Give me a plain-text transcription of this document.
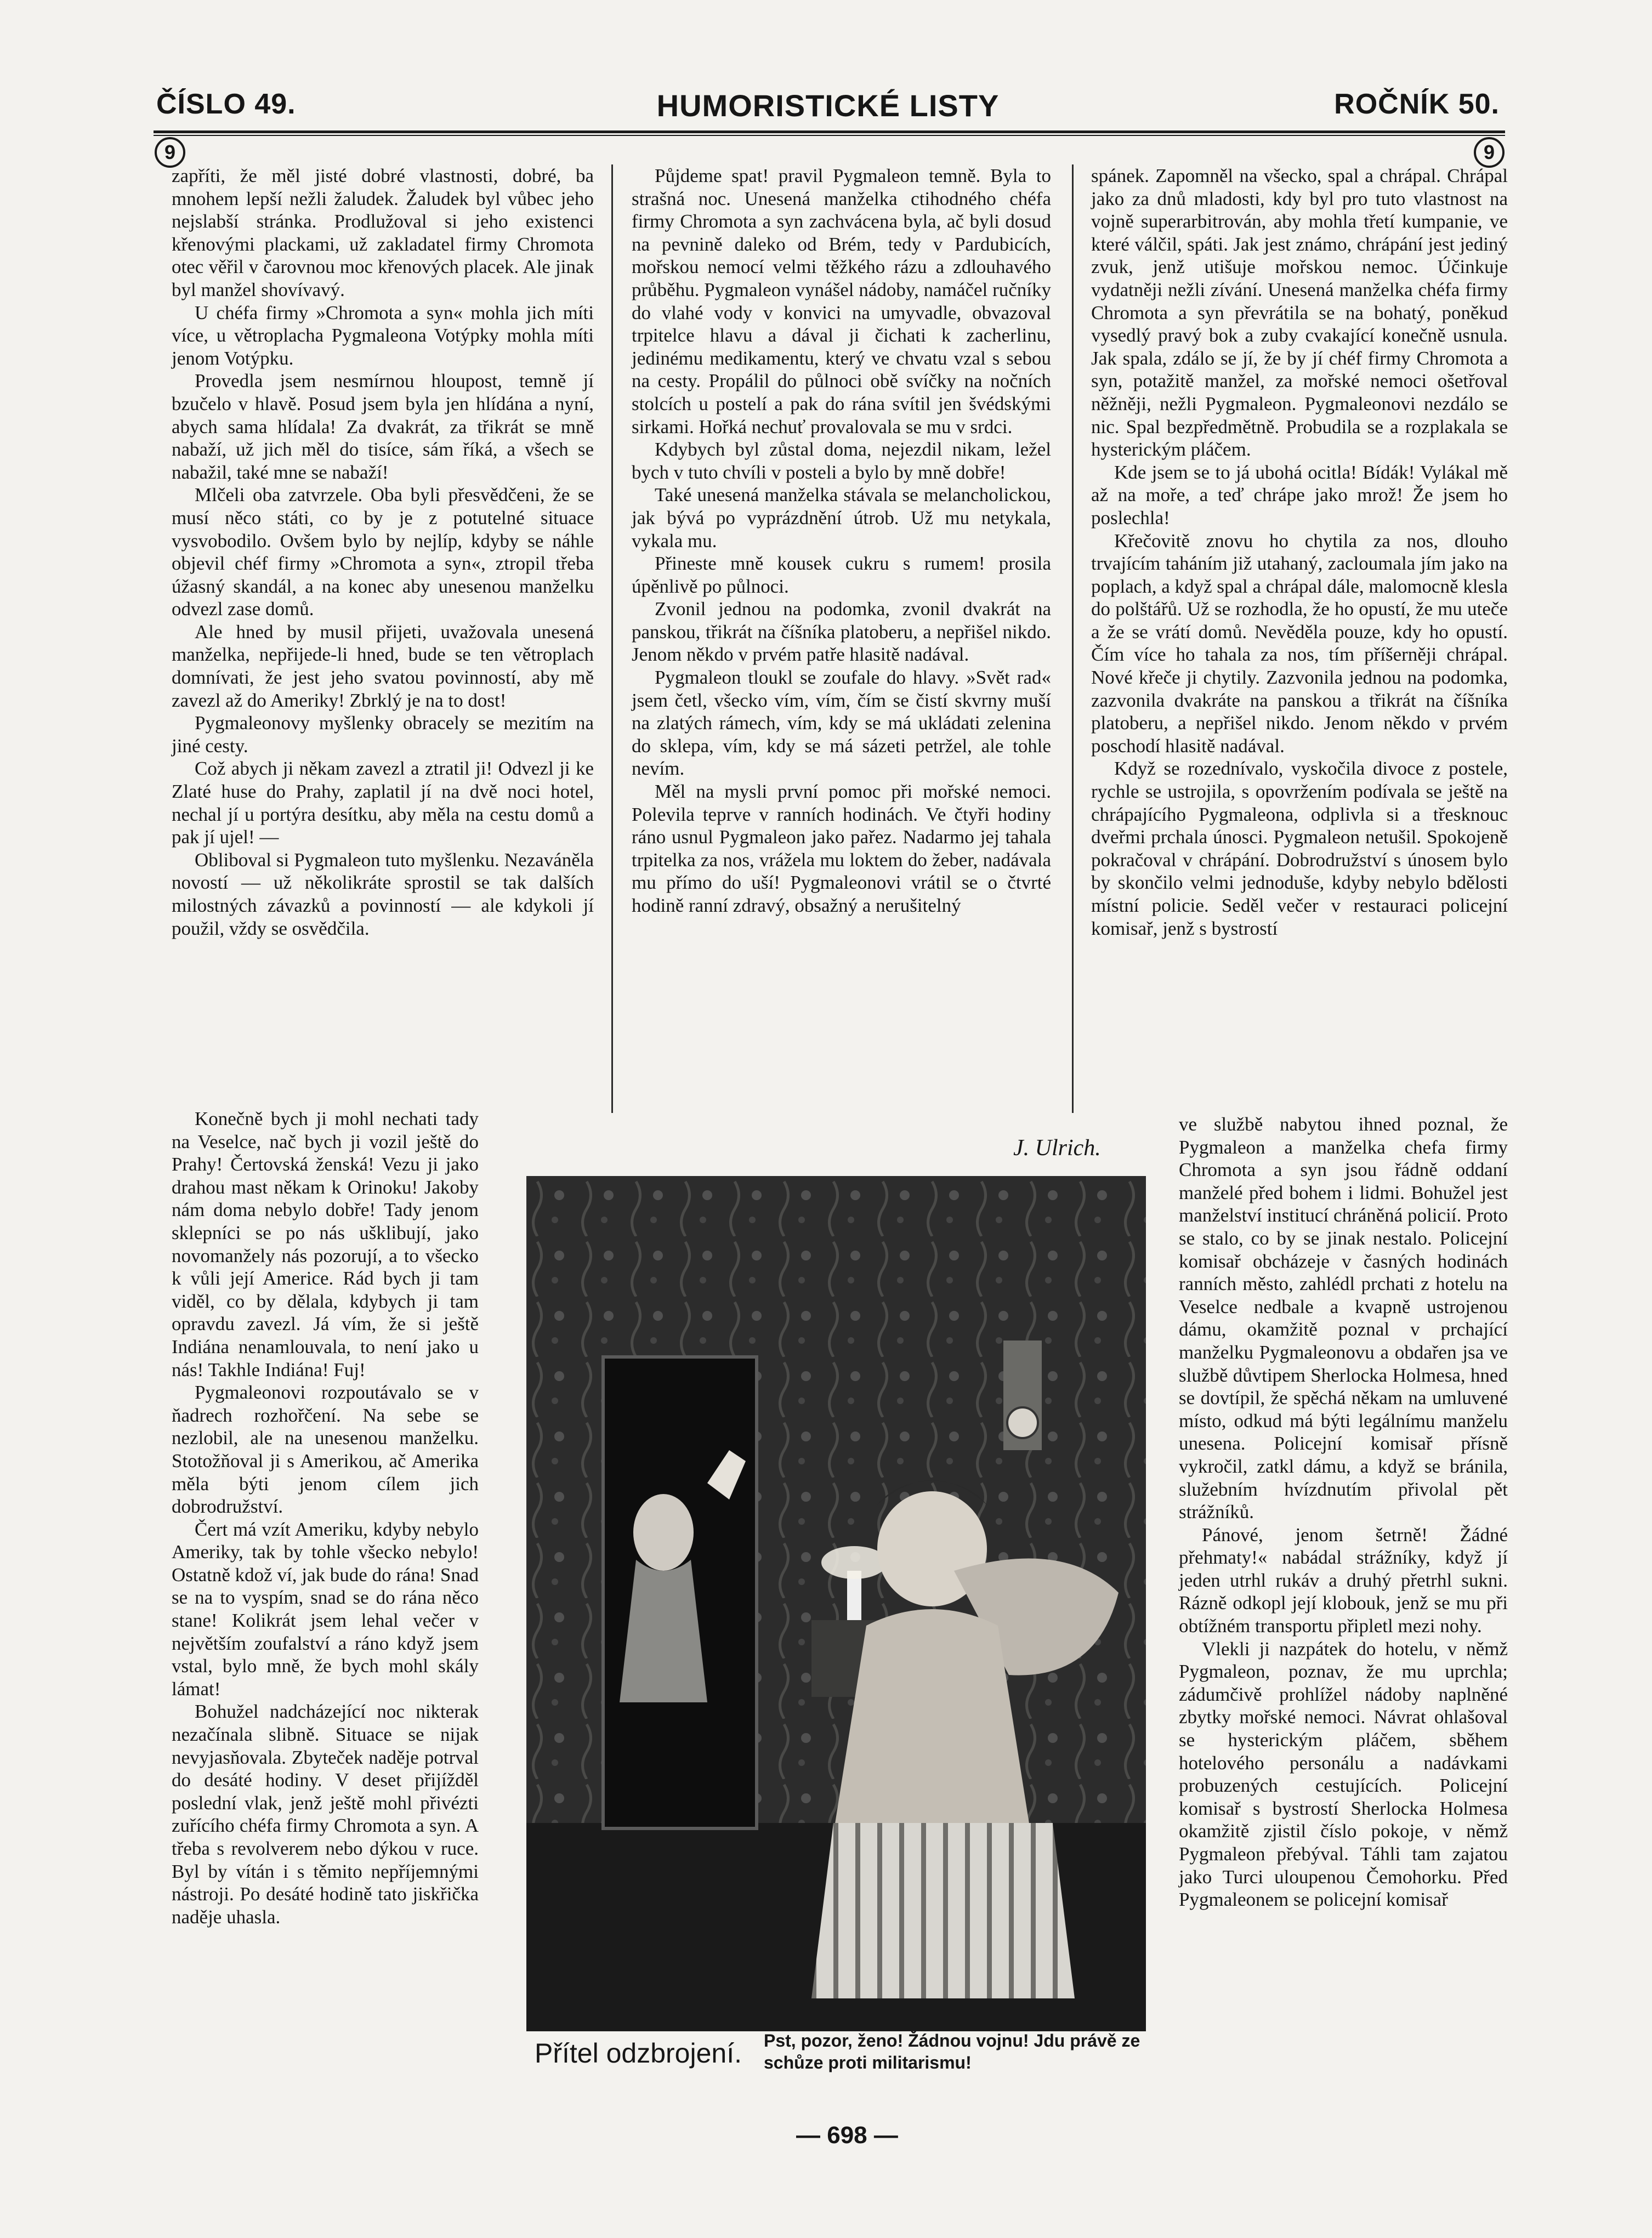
ČÍSLO 49.	HUMORISTICKÉ LISTY	ROČNÍK 50.
9	9

zapříti, že měl jisté dobré vlastnosti, dobré, ba mnohem lepší nežli žaludek. Žaludek byl vůbec jeho nejslabší stránka. Prodlužoval si jeho existenci křenovými plackami, už zakladatel firmy Chromota otec věřil v čarovnou moc křenových placek. Ale jinak byl manžel shovívavý.

U chéfa firmy »Chromota a syn« mohla jich míti více, u větroplacha Pygmaleona Votýpky mohla míti jenom Votýpku.

Provedla jsem nesmírnou hloupost, temně jí bzučelo v hlavě. Posud jsem byla jen hlídána a nyní, abych sama hlídala! Za dvakrát, za třikrát se mně nabaží, už jich měl do tisíce, sám říká, a všech se nabažil, také mne se nabaží!

Mlčeli oba zatvrzele. Oba byli přesvědčeni, že se musí něco státi, co by je z potutelné situace vysvobodilo. Ovšem bylo by nejlíp, kdyby se náhle objevil chéf firmy »Chromota a syn«, ztropil třeba úžasný skandál, a na konec aby unesenou manželku odvezl zase domů.

Ale hned by musil přijeti, uvažovala unesená manželka, nepřijede-li hned, bude se ten větroplach domnívati, že jest jeho svatou povinností, aby mě zavezl až do Ameriky! Zbrklý je na to dost!

Pygmaleonovy myšlenky obracely se mezitím na jiné cesty.

Což abych ji někam zavezl a ztratil ji! Odvezl ji ke Zlaté huse do Prahy, zaplatil jí na dvě noci hotel, nechal jí u portýra desítku, aby měla na cestu domů a pak jí ujel! —

Obliboval si Pygmaleon tuto myšlenku. Nezaváněla novostí — už několikráte sprostil se tak dalších milostných závazků a povinností — ale kdykoli jí použil, vždy se osvědčila.

Konečně bych ji mohl nechati tady na Veselce, nač bych ji vozil ještě do Prahy! Čertovská ženská! Vezu ji jako drahou mast někam k Orinoku! Jakoby nám doma nebylo dobře! Tady jenom sklepníci se po nás ušklibují, jako novomanžely nás pozorují, a to všecko k vůli její Americe. Rád bych ji tam viděl, co by dělala, kdybych ji tam opravdu zavezl. Já vím, že si ještě Indiána nenamlouvala, to není jako u nás! Takhle Indiána! Fuj!

Pygmaleonovi rozpoutávalo se v ňadrech rozhořčení. Na sebe se nezlobil, ale na unesenou manželku. Stotožňoval ji s Amerikou, ač Amerika měla býti jenom cílem jich dobrodružství.

Čert má vzít Ameriku, kdyby nebylo Ameriky, tak by tohle všecko nebylo! Ostatně kdož ví, jak bude do rána! Snad se na to vyspím, snad se do rána něco stane! Kolikrát jsem lehal večer v největším zoufalství a ráno když jsem vstal, bylo mně, že bych mohl skály lámat!

Bohužel nadcházející noc nikterak nezačínala slibně. Situace se nijak nevyjasňovala. Zbyteček naděje potrval do desáté hodiny. V deset přijížděl poslední vlak, jenž ještě mohl přivézti zuřícího chéfa firmy Chromota a syn. A třeba s revolverem nebo dýkou v ruce. Byl by vítán i s těmito nepříjemnými nástroji. Po desáté hodině tato jiskřička naděje uhasla.

Půjdeme spat! pravil Pygmaleon temně. Byla to strašná noc. Unesená manželka ctihodného chéfa firmy Chromota a syn zachvácena byla, ač byli dosud na pevnině daleko od Brém, tedy v Pardubicích, mořskou nemocí velmi těžkého rázu a zdlouhavého průběhu. Pygmaleon vynášel nádoby, namáčel ručníky do vlahé vody v konvici na umyvadle, obvazoval trpitelce hlavu a dával ji čichati k zacherlinu, jedinému medikamentu, který ve chvatu vzal s sebou na cesty. Propálil do půlnoci obě svíčky na nočních stolcích u postelí a pak do rána svítil jen švédskými sirkami. Hořká nechuť provalovala se mu v srdci.

Kdybych byl zůstal doma, nejezdil nikam, ležel bych v tuto chvíli v posteli a bylo by mně dobře!

Také unesená manželka stávala se melancholickou, jak bývá po vyprázdnění útrob. Už mu netykala, vykala mu.

Přineste mně kousek cukru s rumem! prosila úpěnlivě po půlnoci.

Zvonil jednou na podomka, zvonil dvakrát na panskou, třikrát na číšníka platoberu, a nepřišel nikdo. Jenom někdo v prvém patře hlasitě nadával.

Pygmaleon tloukl se zoufale do hlavy. »Svět rad« jsem četl, všecko vím, vím, čím se čistí skvrny muší na zlatých rámech, vím, kdy se má ukládati zelenina do sklepa, vím, kdy se má sázeti petržel, ale tohle nevím.

Měl na mysli první pomoc při mořské nemoci. Polevila teprve v ranních hodinách. Ve čtyři hodiny ráno usnul Pygmaleon jako pařez. Nadarmo jej tahala trpitelka za nos, vrážela mu loktem do žeber, nadávala mu přímo do uší! Pygmaleonovi vrátil se o čtvrté hodině ranní zdravý, obsažný a nerušitelný

spánek. Zapomněl na všecko, spal a chrápal. Chrápal jako za dnů mladosti, kdy byl pro tuto vlastnost na vojně superarbitrován, aby mohla třetí kumpanie, ve které válčil, spáti. Jak jest známo, chrápání jest jediný zvuk, jenž utišuje mořskou nemoc. Účinkuje vydatněji nežli zívání. Unesená manželka chéfa firmy Chromota a syn převrátila se na bohatý, poněkud vysedlý pravý bok a zuby cvakající konečně usnula. Jak spala, zdálo se jí, že by jí chéf firmy Chromota a syn, potažitě manžel, za mořské nemoci ošetřoval něžněji, nežli Pygmaleon. Pygmaleonovi nezdálo se nic. Spal bezpředmětně. Probudila se a rozplakala se hysterickým pláčem.

Kde jsem se to já ubohá ocitla! Bídák! Vylákal mě až na moře, a teď chrápe jako mrož! Že jsem ho poslechla!

Křečovitě znovu ho chytila za nos, dlouho trvajícím taháním již utahaný, zacloumala jím jako na poplach, a když spal a chrápal dále, malomocně klesla do polštářů. Už se rozhodla, že ho opustí, že mu uteče a že se vrátí domů. Nevěděla pouze, kdy ho opustí. Čím více ho tahala za nos, tím příšerněji chrápal. Nové křeče ji chytily. Zazvonila jednou na podomka, zazvonila dvakráte na panskou a třikrát na číšníka platoberu, a nepřišel nikdo. Jenom někdo v prvém poschodí hlasitě nadával.

Když se rozednívalo, vyskočila divoce z postele, rychle se ustrojila, s opovržením podívala se ještě na chrápajícího Pygmaleona, odplivla si a třesknouc dveřmi prchala únosci. Pygmaleon netušil. Spokojeně pokračoval v chrápání. Dobrodružství s únosem bylo by skončilo velmi jednoduše, kdyby nebylo bdělosti místní policie. Seděl večer v restauraci policejní komisař, jenž s bystrostí

ve službě nabytou ihned poznal, že Pygmaleon a manželka chefa firmy Chromota a syn jsou řádně oddaní manželé před bohem i lidmi. Bohužel jest manželství institucí chráněná policií. Proto se stalo, co by se jinak nestalo. Policejní komisař obcházeje v časných hodinách ranních město, zahlédl prchati z hotelu na Veselce nedbale a kvapně ustrojenou dámu, okamžitě poznal v prchající manželku Pygmaleonovu a obdařen jsa ve službě důvtipem Sherlocka Holmesa, hned se dovtípil, že spěchá někam na umluvené místo, odkud má býti legálnímu manželu unesena. Policejní komisař přísně vykročil, zatkl dámu, a když se bránila, služebním hvízdnutím přivolal pět strážníků.

Pánové, jenom šetrně! Žádné přehmaty!« nabádal strážníky, když jí jeden utrhl rukáv a druhý přetrhl sukni. Rázně odkopl její klobouk, jenž se mu při obtížném transportu připletl mezi nohy.

Vlekli ji nazpátek do hotelu, v němž Pygmaleon, poznav, že mu uprchla; zádumčivě prohlížel nádoby naplněné zbytky mořské nemoci. Návrat ohlašoval se hysterickým pláčem, sběhem hotelového personálu a nadávkami probuzených cestujících. Policejní komisař s bystrostí Sherlocka Holmesa okamžitě zjistil číslo pokoje, v němž Pygmaleon přebýval. Táhli tam zajatou jako Turci uloupenou Čemohorku. Před Pygmaleonem se policejní komisař

J. Ulrich.
Přítel odzbrojení. Pst, pozor, ženo! Žádnou vojnu! Jdu právě ze schůze proti militarismu!
— 698 —
